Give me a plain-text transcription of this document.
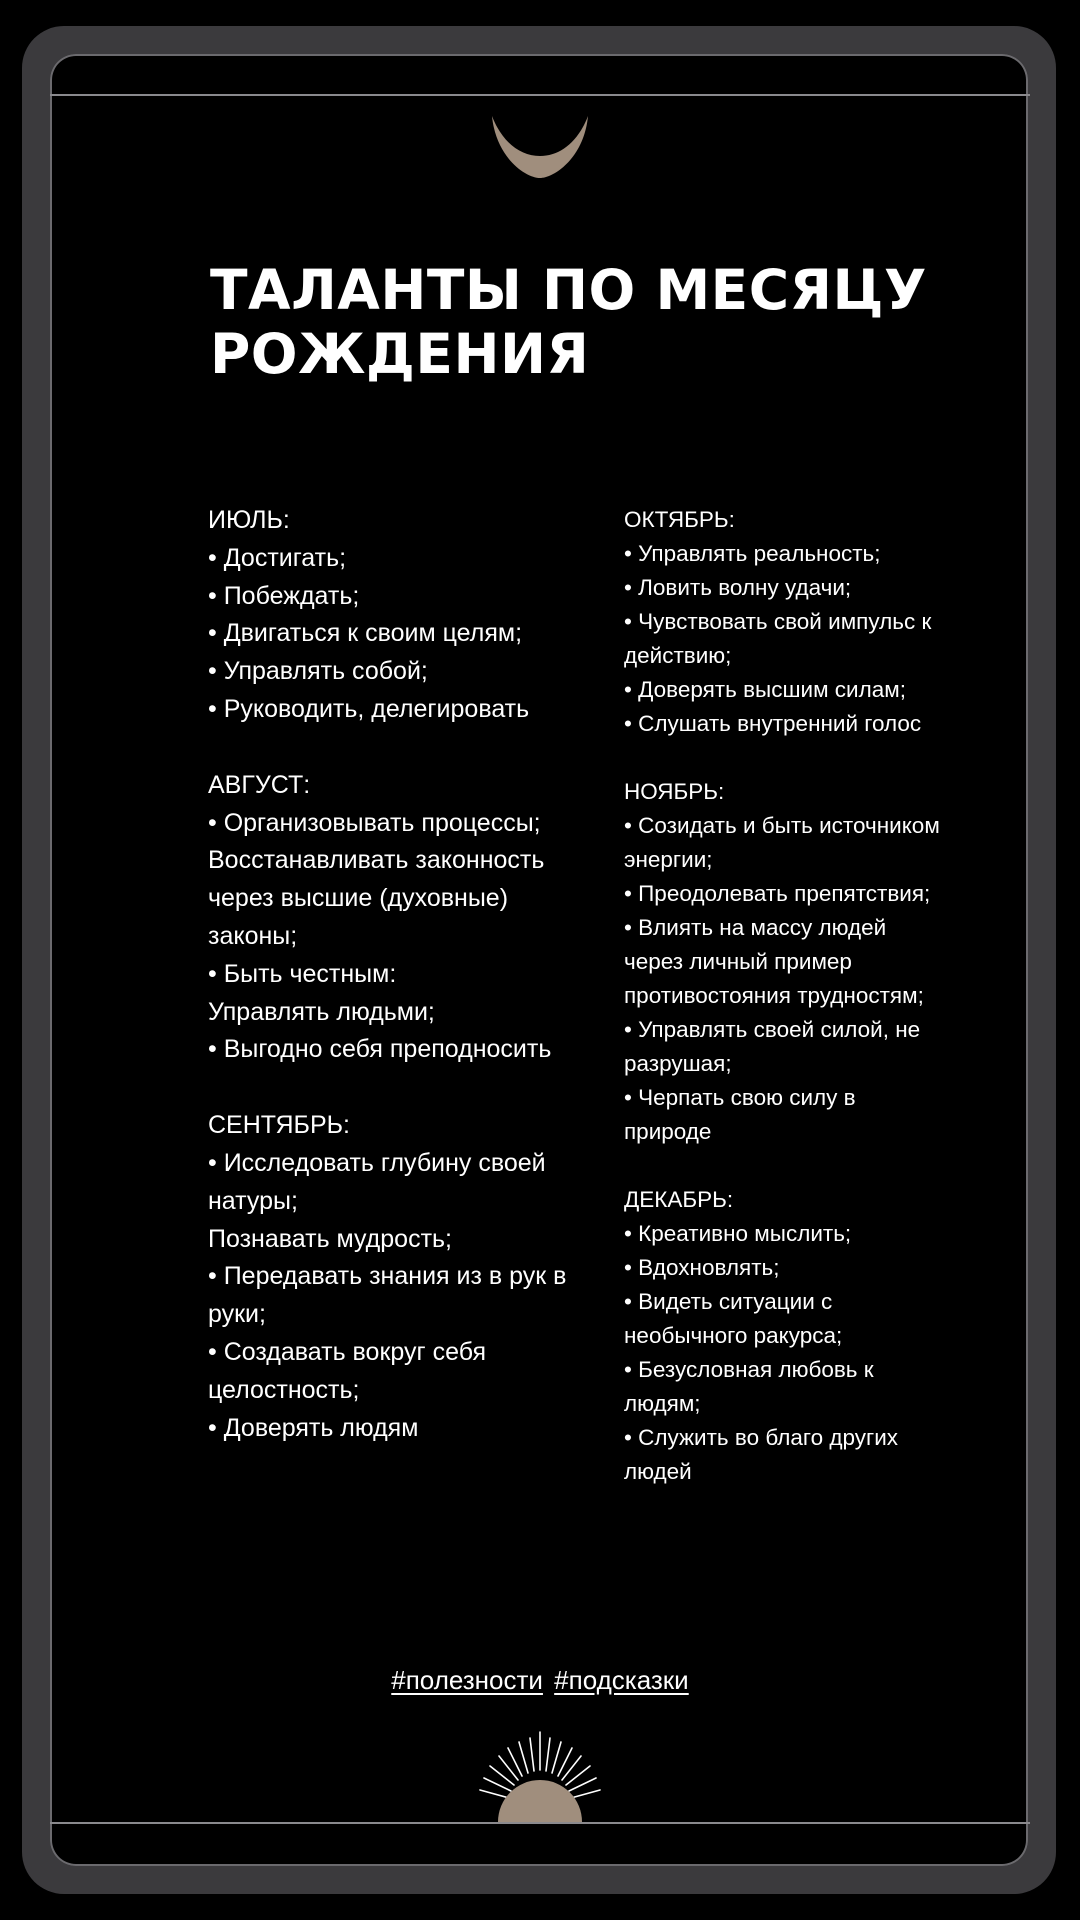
ТАЛАНТЫ ПО МЕСЯЦУ РОЖДЕНИЯ
ИЮЛЬ:
• Достигать;
• Побеждать;
• Двигаться к своим целям;
• Управлять собой;
• Руководить, делегировать
АВГУСТ:
• Организовывать процессы;
Восстанавливать законность через высшие (духовные) законы;
• Быть честным:
Управлять людьми;
• Выгодно себя преподносить
СЕНТЯБРЬ:
• Исследовать глубину своей натуры;
Познавать мудрость;
• Передавать знания из в рук в руки;
• Создавать вокруг себя целостность;
• Доверять людям
ОКТЯБРЬ:
• Управлять реальность;
• Ловить волну удачи;
• Чувствовать свой импульс к действию;
• Доверять высшим силам;
• Слушать внутренний голос
НОЯБРЬ:
• Созидать и быть источником энергии;
• Преодолевать препятствия;
• Влиять на массу людей через личный пример противостояния трудностям;
• Управлять своей силой, не разрушая;
• Черпать свою силу в природе
ДЕКАБРЬ:
• Креативно мыслить;
• Вдохновлять;
• Видеть ситуации с необычного ракурса;
• Безусловная любовь к людям;
• Служить во благо других людей
#полезности #подсказки
